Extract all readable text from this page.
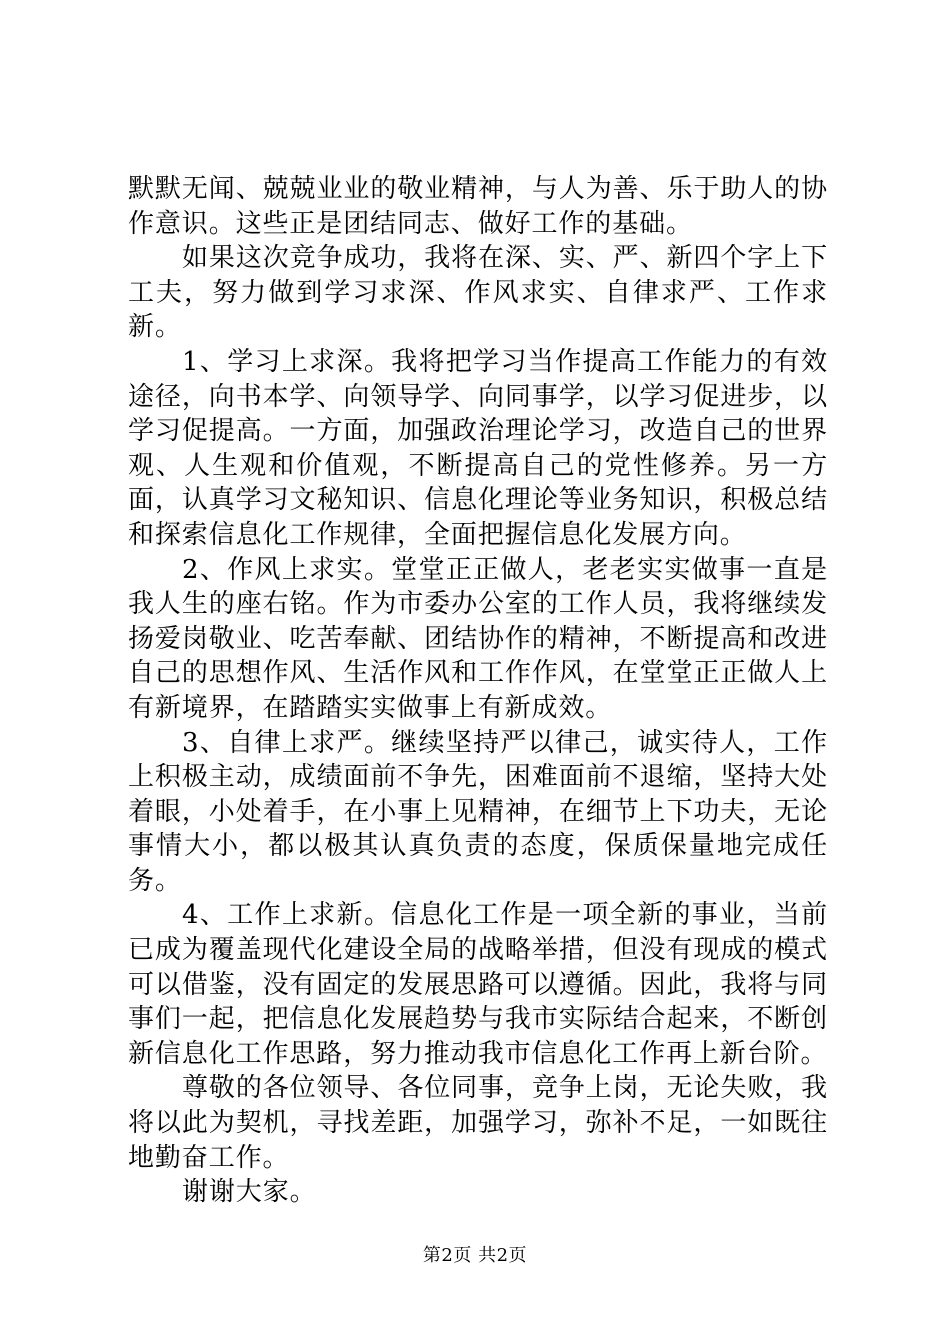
默默无闻、兢兢业业的敬业精神，与人为善、乐于助人的协作意识。这些正是团结同志、做好工作的基础。

如果这次竞争成功，我将在深、实、严、新四个字上下工夫，努力做到学习求深、作风求实、自律求严、工作求新。

1、学习上求深。我将把学习当作提高工作能力的有效途径，向书本学、向领导学、向同事学，以学习促进步，以学习促提高。一方面，加强政治理论学习，改造自己的世界观、人生观和价值观，不断提高自己的党性修养。另一方面，认真学习文秘知识、信息化理论等业务知识，积极总结和探索信息化工作规律，全面把握信息化发展方向。

2、作风上求实。堂堂正正做人，老老实实做事一直是我人生的座右铭。作为市委办公室的工作人员，我将继续发扬爱岗敬业、吃苦奉献、团结协作的精神，不断提高和改进自己的思想作风、生活作风和工作作风，在堂堂正正做人上有新境界，在踏踏实实做事上有新成效。

3、自律上求严。继续坚持严以律己，诚实待人，工作上积极主动，成绩面前不争先，困难面前不退缩，坚持大处着眼，小处着手，在小事上见精神，在细节上下功夫，无论事情大小，都以极其认真负责的态度，保质保量地完成任务。

4、工作上求新。信息化工作是一项全新的事业，当前已成为覆盖现代化建设全局的战略举措，但没有现成的模式可以借鉴，没有固定的发展思路可以遵循。因此，我将与同事们一起，把信息化发展趋势与我市实际结合起来，不断创新信息化工作思路，努力推动我市信息化工作再上新台阶。

尊敬的各位领导、各位同事，竞争上岗，无论失败，我将以此为契机，寻找差距，加强学习，弥补不足，一如既往地勤奋工作。

谢谢大家。

第2页 共2页
